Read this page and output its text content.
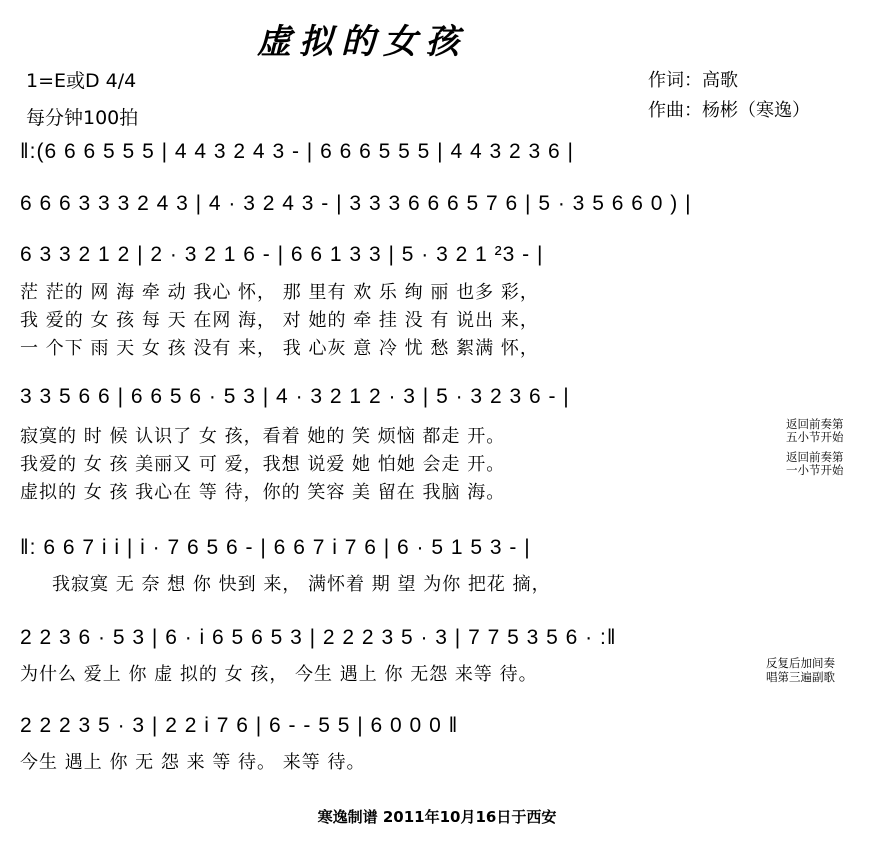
虚拟的女孩
1=E或D 4/4
每分钟100拍
作词：高歌
作曲：杨彬（寒逸）
‖:(6 6 6 5 5 5 | 4 4 3 2 4 3 - | 6 6 6 5 5 5 | 4 4 3 2 3 6 |
6 6 6 3 3 3 2 4 3 | 4 · 3 2 4 3 - | 3 3 3 6 6 6 5 7 6 | 5 · 3 5 6 6 0 ) |
6 3 3 2 1 2 | 2 · 3 2 1 6 - | 6 6 1 3 3 | 5 · 3 2 1 ²3 - |
茫 茫的 网 海 牵 动 我心 怀， 那 里有 欢 乐 绚 丽 也多 彩，
我 爱的 女 孩 每 天 在网 海， 对 她的 牵 挂 没 有 说出 来，
一 个下 雨 天 女 孩 没有 来， 我 心灰 意 冷 忧 愁 絮满 怀，
3 3 5 6 6 | 6 6 5 6 · 5 3 | 4 · 3 2 1 2 · 3 | 5 · 3 2 3 6 - |
寂寞的 时 候 认识了 女 孩，看着 她的 笑 烦恼 都走 开。
我爱的 女 孩 美丽又 可 爱，我想 说爱 她 怕她 会走 开。
虚拟的 女 孩 我心在 等 待，你的 笑容 美 留在 我脑 海。
返回前奏第
五小节开始
返回前奏第
一小节开始
‖: 6 6 7 i i | i · 7 6 5 6 - | 6 6 7 i 7 6 | 6 · 5 1 5 3 - |
我寂寞 无 奈 想 你 快到 来， 满怀着 期 望 为你 把花 摘，
2 2 3 6 · 5 3 | 6 · i 6 5 6 5 3 | 2 2 2 3 5 · 3 | 7 7 5 3 5 6 · :‖
为什么 爱上 你 虚 拟的 女 孩， 今生 遇上 你 无怨 来等 待。
反复后加间奏
唱第三遍副歌
2 2 2 3 5 · 3 | 2 2 i 7 6 | 6 - - 5 5 | 6 0 0 0 ‖
今生 遇上 你 无 怨 来 等 待。 来等 待。
寒逸制谱 2011年10月16日于西安
